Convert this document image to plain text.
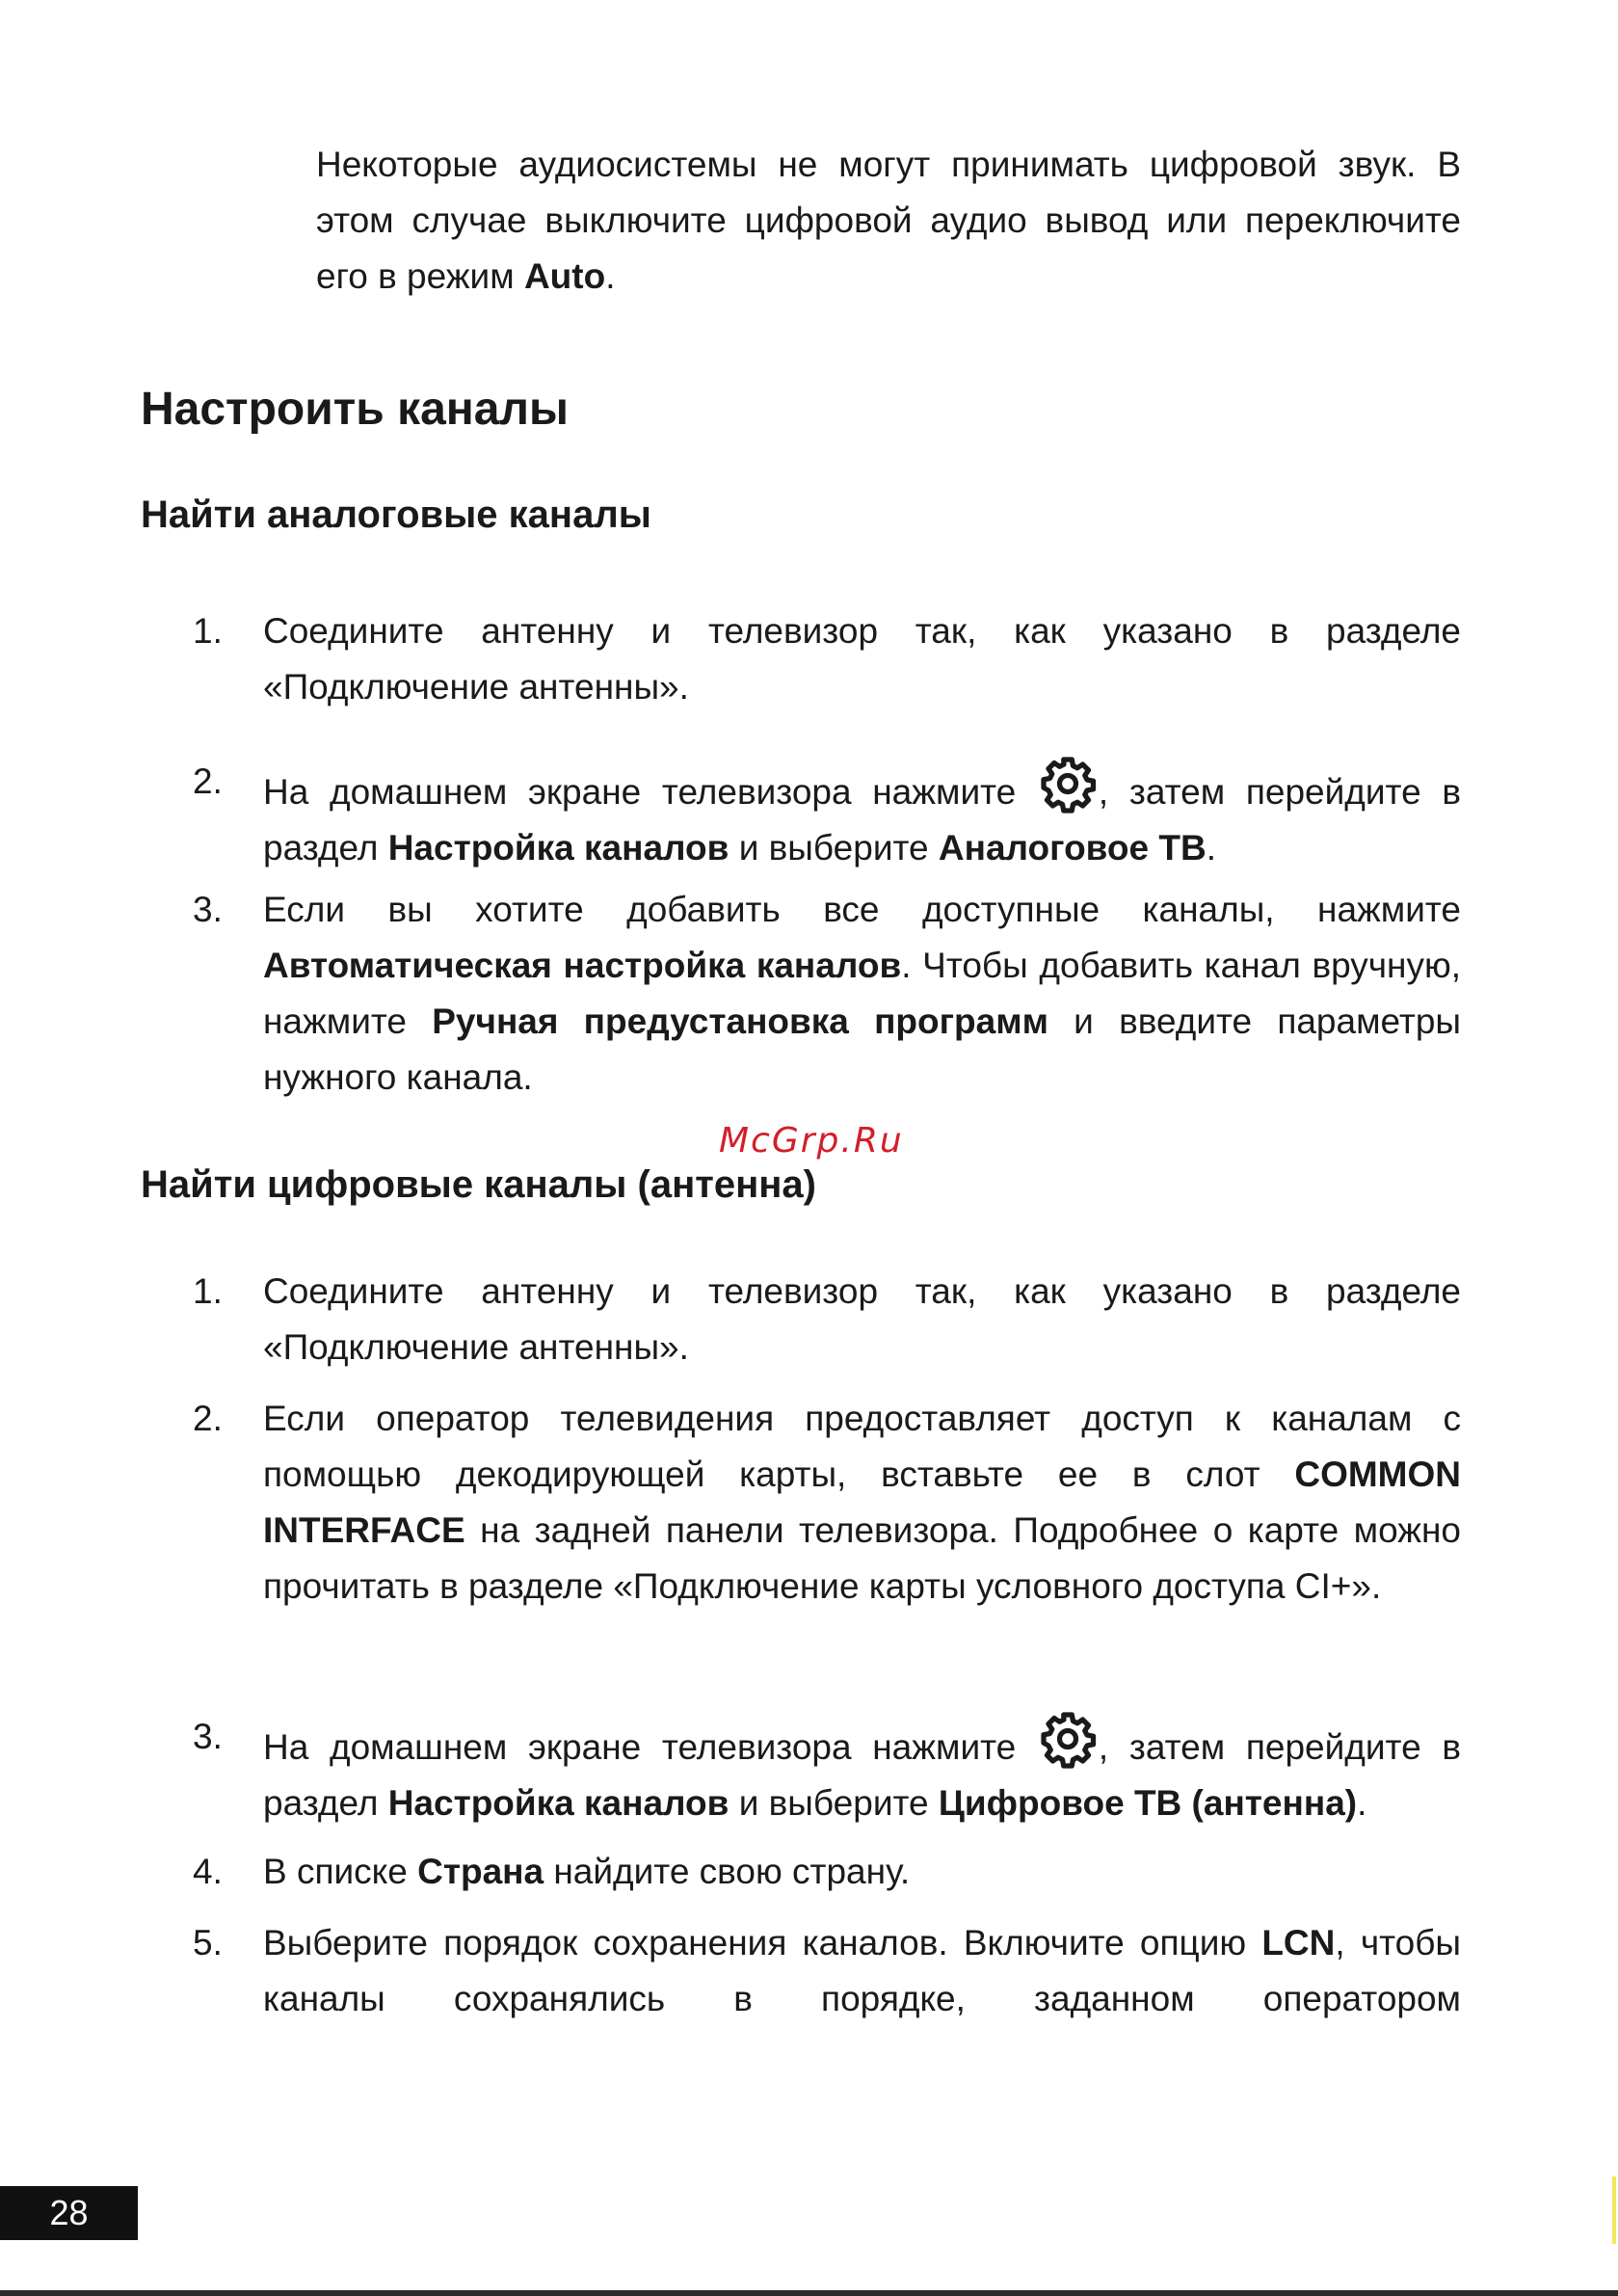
Некоторые аудиосистемы не могут принимать цифровой звук. В этом случае выключите цифровой аудио вывод или переключите его в режим Auto.

Настроить каналы
Найти аналоговые каналы
1.	Соедините антенну и телевизор так, как указано в разделе «Подключение антенны».
2.	На домашнем экране телевизора нажмите
, затем перейдите в раздел Настройка каналов и выберите Аналоговое ТВ.
3.	Если вы хотите добавить все доступные каналы, нажмите Автоматическая настройка каналов. Чтобы добавить канал вручную, нажмите Ручная предустановка программ и введите параметры нужного канала.
McGrp.Ru
Найти цифровые каналы (антенна)
1.	Соедините антенну и телевизор так, как указано в разделе «Подключение антенны».
2.	Если оператор телевидения предоставляет доступ к каналам с помощью декодирующей карты, вставьте ее в слот COMMON INTERFACE на задней панели телевизора. Подробнее о карте можно прочитать в разделе «Подключение карты условного доступа CI+».
3.	На домашнем экране телевизора нажмите
, затем перейдите в раздел Настройка каналов и выберите Цифровое ТВ (антенна).
4.	В списке Страна найдите свою страну.
5.	Выберите порядок сохранения каналов. Включите опцию LCN, чтобы каналы сохранялись в порядке, заданном оператором
28
